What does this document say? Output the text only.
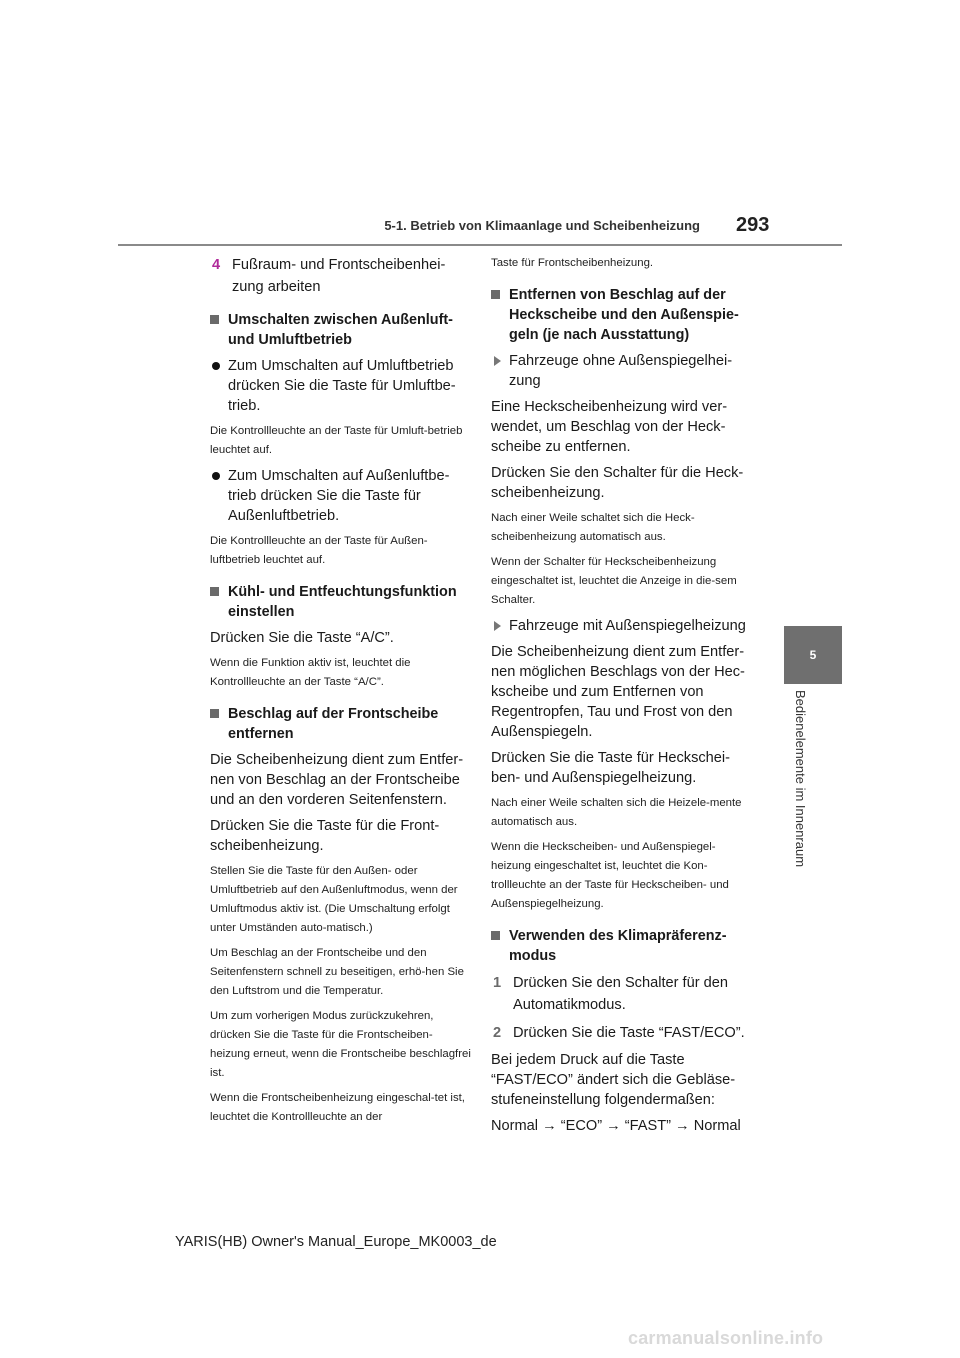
5-1. Betrieb von Klimaanlage und Scheibenheizung 293
5
Bedienelemente im Innenraum
4 Fußraum- und Frontscheibenhei-zung arbeiten
Umschalten zwischen Außenluft- und Umluftbetrieb
Zum Umschalten auf Umluftbetrieb drücken Sie die Taste für Umluftbe-trieb.

Die Kontrollleuchte an der Taste für Umluft-betrieb leuchtet auf.

Zum Umschalten auf Außenluftbe-trieb drücken Sie die Taste für Außenluftbetrieb.

Die Kontrollleuchte an der Taste für Außen-luftbetrieb leuchtet auf.

Kühl- und Entfeuchtungsfunktion einstellen

Drücken Sie die Taste “A/C”.

Wenn die Funktion aktiv ist, leuchtet die Kontrollleuchte an der Taste “A/C”.

Beschlag auf der Frontscheibe entfernen

Die Scheibenheizung dient zum Entfer-nen von Beschlag an der Frontscheibe und an den vorderen Seitenfenstern.

Drücken Sie die Taste für die Front-scheibenheizung.

Stellen Sie die Taste für den Außen- oder Umluftbetrieb auf den Außenluftmodus, wenn der Umluftmodus aktiv ist. (Die Umschaltung erfolgt unter Umständen auto-matisch.)

Um Beschlag an der Frontscheibe und den Seitenfenstern schnell zu beseitigen, erhö-hen Sie den Luftstrom und die Temperatur.

Um zum vorherigen Modus zurückzukehren, drücken Sie die Taste für die Frontscheiben-heizung erneut, wenn die Frontscheibe beschlagfrei ist.

Wenn die Frontscheibenheizung eingeschal-tet ist, leuchtet die Kontrollleuchte an der

Taste für Frontscheibenheizung.

Entfernen von Beschlag auf der Heckscheibe und den Außenspie-geln (je nach Ausstattung)
Fahrzeuge ohne Außenspiegelhei-zung

Eine Heckscheibenheizung wird ver-wendet, um Beschlag von der Heck-scheibe zu entfernen.

Drücken Sie den Schalter für die Heck-scheibenheizung.

Nach einer Weile schaltet sich die Heck-scheibenheizung automatisch aus.

Wenn der Schalter für Heckscheibenheizung eingeschaltet ist, leuchtet die Anzeige in die-sem Schalter.

Fahrzeuge mit Außenspiegelheizung

Die Scheibenheizung dient zum Entfer-nen möglichen Beschlags von der Hec-kscheibe und zum Entfernen von Regentropfen, Tau und Frost von den Außenspiegeln.

Drücken Sie die Taste für Heckschei-ben- und Außenspiegelheizung.

Nach einer Weile schalten sich die Heizele-mente automatisch aus.

Wenn die Heckscheiben- und Außenspiegel-heizung eingeschaltet ist, leuchtet die Kon-trollleuchte an der Taste für Heckscheiben- und Außenspiegelheizung.

Verwenden des Klimapräferenz-modus
1 Drücken Sie den Schalter für den Automatikmodus.
2 Drücken Sie die Taste “FAST/ECO”.

Bei jedem Druck auf die Taste “FAST/ECO” ändert sich die Gebläse-stufeneinstellung folgendermaßen:

Normal → “ECO” → “FAST” → Normal

YARIS(HB) Owner's Manual_Europe_MK0003_de
carmanualsonline.info
